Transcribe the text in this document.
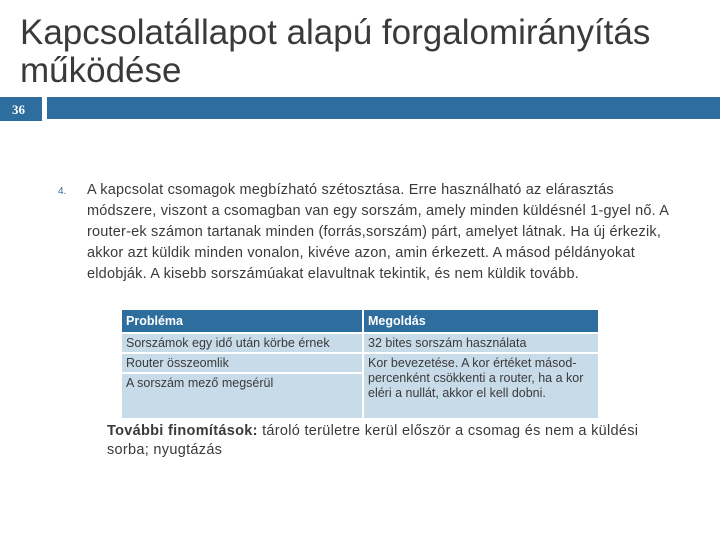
Kapcsolatállapot alapú forgalomirányítás működése
36
4. A kapcsolat csomagok megbízható szétosztása. Erre használható az elárasztás módszere, viszont a csomagban van egy sorszám, amely minden küldésnél 1-gyel nő. A router-ek számon tartanak minden (forrás,sorszám) párt, amelyet látnak. Ha új érkezik, akkor azt küldik minden vonalon, kivéve azon, amin érkezett. A másod példányokat eldobják. A kisebb sorszámúakat elavultnak tekintik, és nem küldik tovább.

Probléma	Megoldás
Sorszámok egy idő után körbe érnek	32 bites sorszám használata
Router összeomlik	Kor bevezetése. A kor értéket másod-percenként csökkenti a router, ha a kor eléri a nullát, akkor el kell dobni.
A sorszám mező megsérül	

További finomítások: tároló területre kerül először a csomag és nem a küldési sorba; nyugtázás
